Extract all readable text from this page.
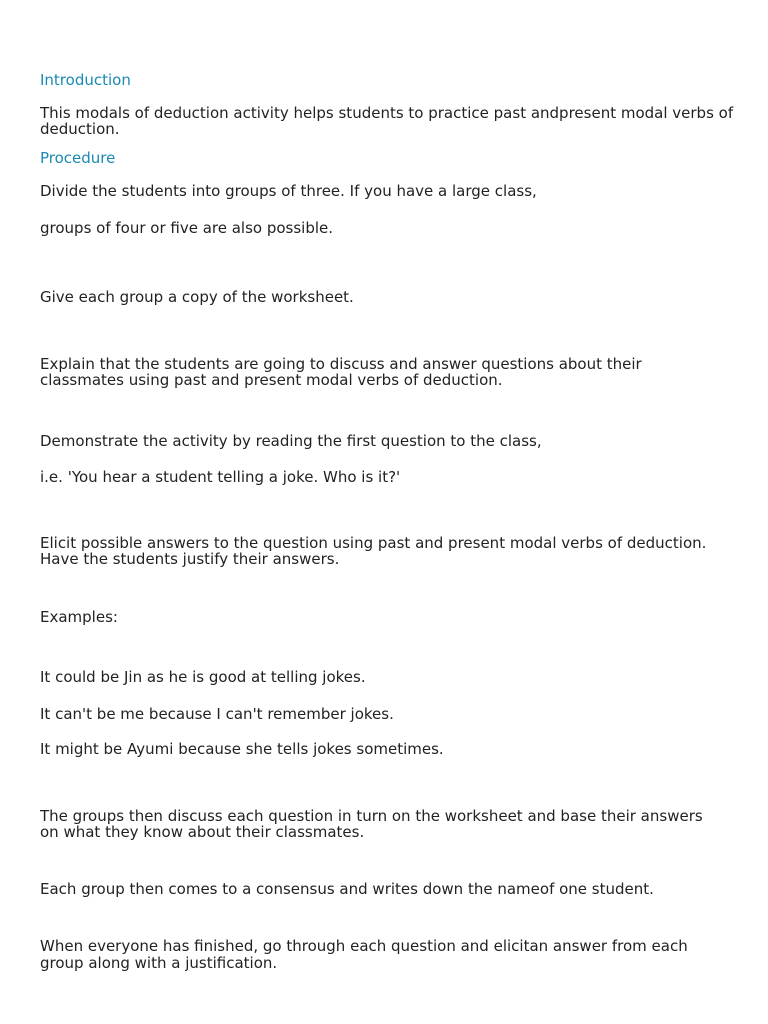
Introduction
This modals of deduction activity helps students to practice past andpresent modal verbs of
deduction.
Procedure
Divide the students into groups of three. If you have a large class,
groups of four or five are also possible.
Give each group a copy of the worksheet.
Explain that the students are going to discuss and answer questions about their
classmates using past and present modal verbs of deduction.
Demonstrate the activity by reading the first question to the class,
i.e. 'You hear a student telling a joke. Who is it?'
Elicit possible answers to the question using past and present modal verbs of deduction.
Have the students justify their answers.
Examples:
It could be Jin as he is good at telling jokes.
It can't be me because I can't remember jokes.
It might be Ayumi because she tells jokes sometimes.
The groups then discuss each question in turn on the worksheet and base their answers
on what they know about their classmates.
Each group then comes to a consensus and writes down the nameof one student.
When everyone has finished, go through each question and elicitan answer from each
group along with a justification.
